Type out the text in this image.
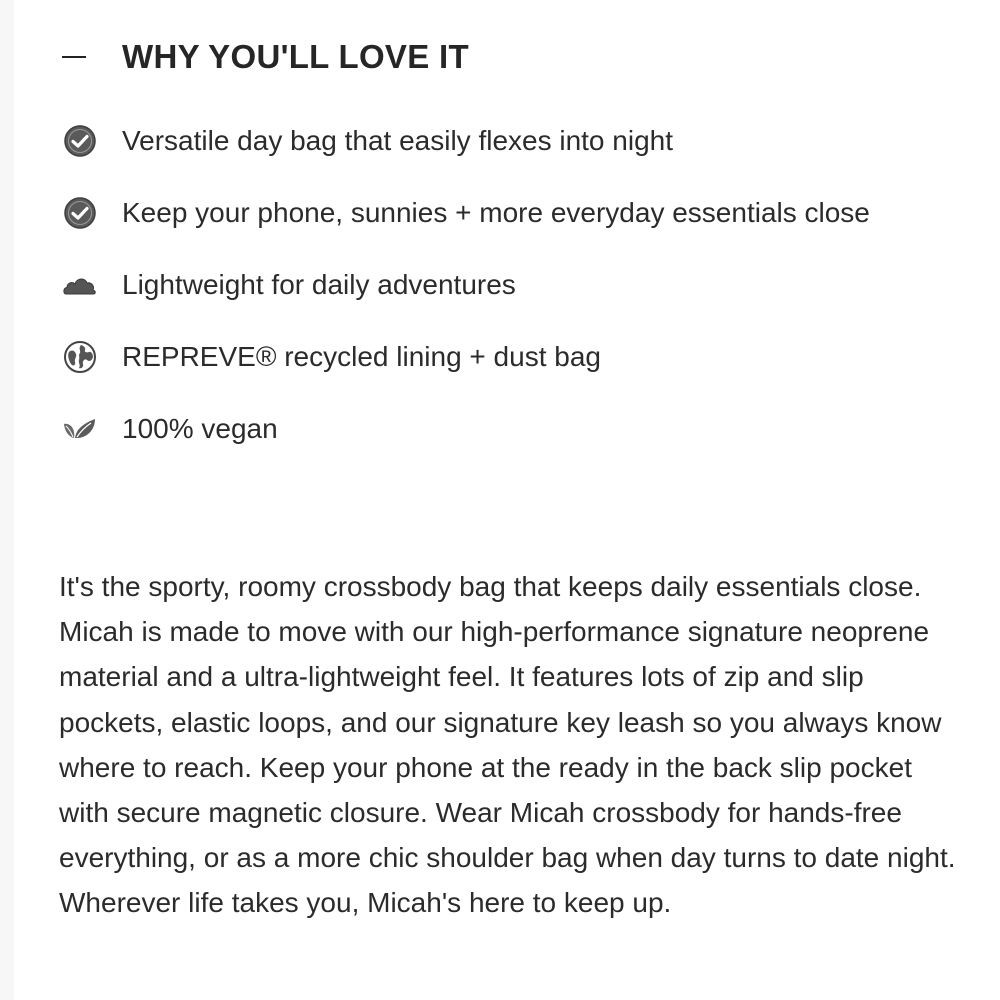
WHY YOU'LL LOVE IT
Versatile day bag that easily flexes into night
Keep your phone, sunnies + more everyday essentials close
Lightweight for daily adventures
REPREVE® recycled lining + dust bag
100% vegan

It's the sporty, roomy crossbody bag that keeps daily essentials close. Micah is made to move with our high-performance signature neoprene material and a ultra-lightweight feel. It features lots of zip and slip pockets, elastic loops, and our signature key leash so you always know where to reach. Keep your phone at the ready in the back slip pocket with secure magnetic closure. Wear Micah crossbody for hands-free everything, or as a more chic shoulder bag when day turns to date night. Wherever life takes you, Micah's here to keep up.
